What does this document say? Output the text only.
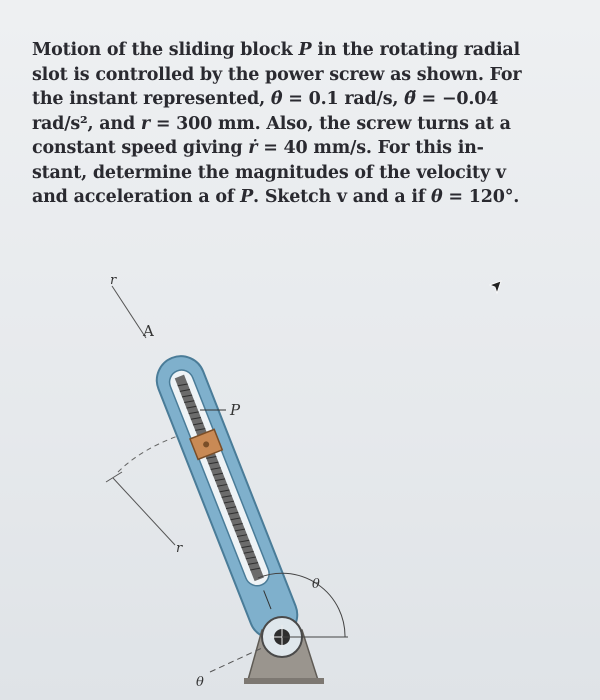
Motion of the sliding block P in the rotating radial
slot is controlled by the power screw as shown. For
the instant represented, θ̇ = 0.1 rad/s, θ̈ = −0.04
rad/s², and r = 300 mm. Also, the screw turns at a
constant speed giving ṙ = 40 mm/s. For this in-
stant, determine the magnitudes of the velocity v
and acceleration a of P. Sketch v and a if θ = 120°.
r
A
P
r
θ
θ
